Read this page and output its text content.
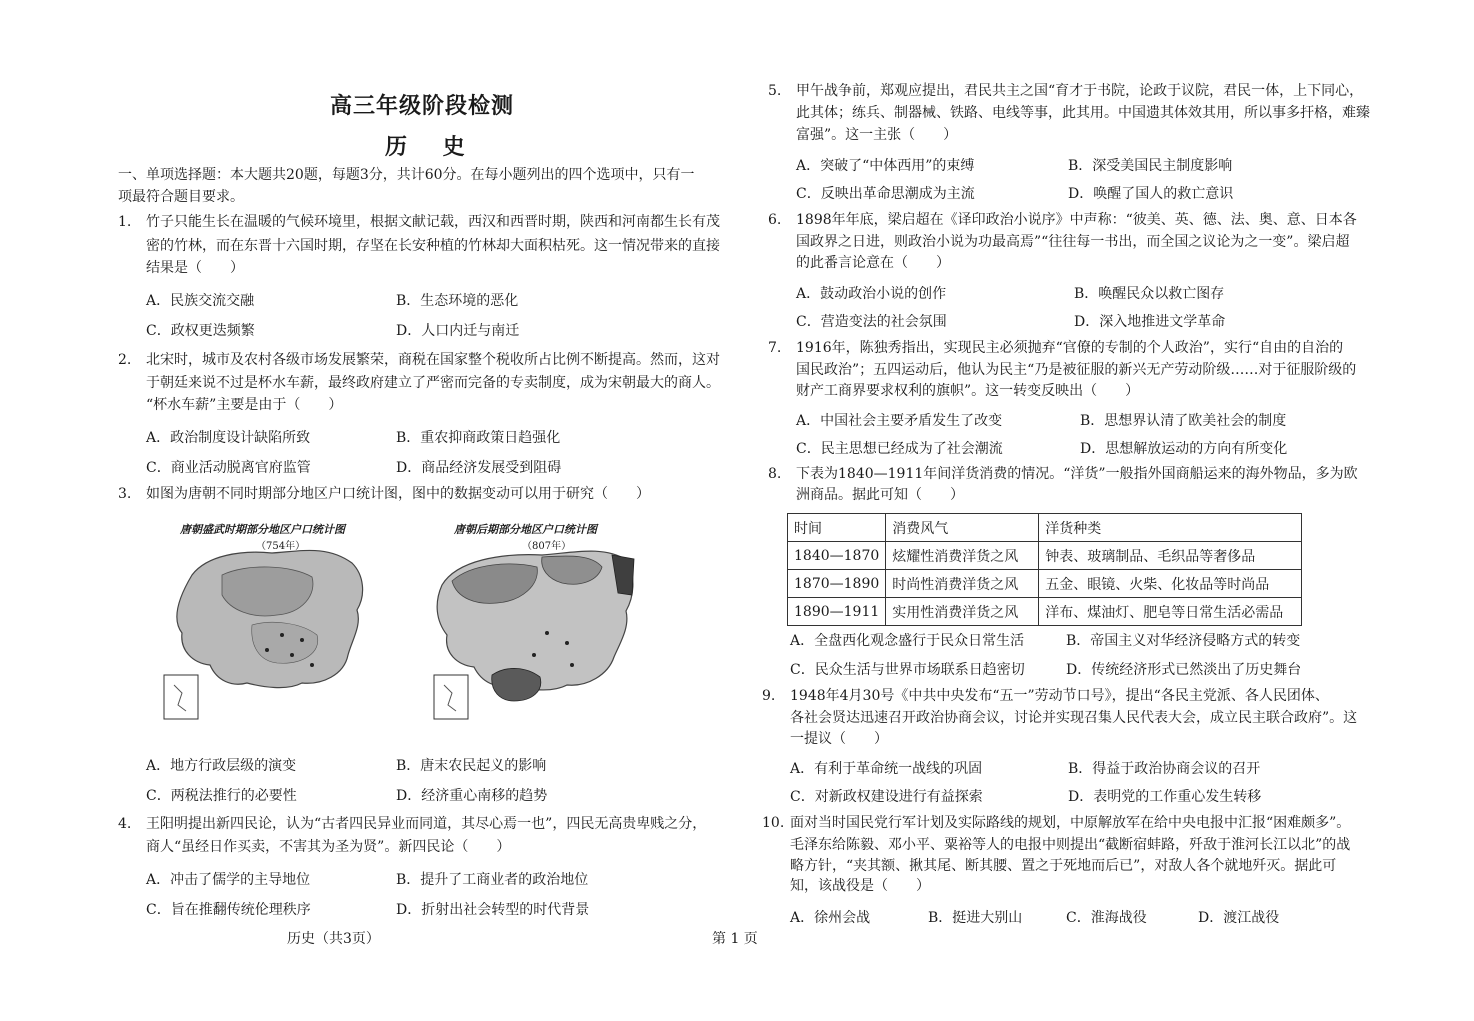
高三年级阶段检测
历 史
一、单项选择题：本大题共20题，每题3分，共计60分。在每小题列出的四个选项中，只有一
项最符合题目要求。
1. 竹子只能生长在温暖的气候环境里，根据文献记载，西汉和西晋时期，陕西和河南都生长有茂
密的竹林，而在东晋十六国时期，存坚在长安种植的竹林却大面积枯死。这一情况带来的直接
结果是（　　）
A．民族交流交融	B．生态环境的恶化
C．政权更迭频繁	D．人口内迁与南迁
2. 北宋时，城市及农村各级市场发展繁荣，商税在国家整个税收所占比例不断提高。然而，这对
于朝廷来说不过是杯水车薪，最终政府建立了严密而完备的专卖制度，成为宋朝最大的商人。
“杯水车薪”主要是由于（　　）
A．政治制度设计缺陷所致	B．重农抑商政策日趋强化
C．商业活动脱离官府监管	D．商品经济发展受到阻碍
3. 如图为唐朝不同时期部分地区户口统计图，图中的数据变动可以用于研究（　　）
唐朝盛武时期部分地区户口统计图
（754年）
唐朝后期部分地区户口统计图
（807年）
A．地方行政层级的演变	B．唐末农民起义的影响
C．两税法推行的必要性	D．经济重心南移的趋势
4. 王阳明提出新四民论，认为“古者四民异业而同道，其尽心焉一也”，四民无高贵卑贱之分，
商人“虽经日作买卖，不害其为圣为贤”。新四民论（　　）
A．冲击了儒学的主导地位	B．提升了工商业者的政治地位
C．旨在推翻传统伦理秩序	D．折射出社会转型的时代背景
历史（共3页）	第 1 页
5. 甲午战争前，郑观应提出，君民共主之国“育才于书院，论政于议院，君民一体，上下同心，
此其体；练兵、制器械、铁路、电线等事，此其用。中国遗其体效其用，所以事多扞格，难臻
富强”。这一主张（　　）
A．突破了“中体西用”的束缚	B．深受美国民主制度影响
C．反映出革命思潮成为主流	D．唤醒了国人的救亡意识
6. 1898年年底，梁启超在《译印政治小说序》中声称：“彼美、英、德、法、奥、意、日本各
国政界之日进，则政治小说为功最高焉”“往往每一书出，而全国之议论为之一变”。梁启超
的此番言论意在（　　）
A．鼓动政治小说的创作	B．唤醒民众以救亡图存
C．营造变法的社会氛围	D．深入地推进文学革命
7. 1916年，陈独秀指出，实现民主必须抛弃“官僚的专制的个人政治”，实行“自由的自治的
国民政治”；五四运动后，他认为民主“乃是被征服的新兴无产劳动阶级……对于征服阶级的
财产工商界要求权利的旗帜”。这一转变反映出（　　）
A．中国社会主要矛盾发生了改变	B．思想界认清了欧美社会的制度
C．民主思想已经成为了社会潮流	D．思想解放运动的方向有所变化
8. 下表为1840—1911年间洋货消费的情况。“洋货”一般指外国商船运来的海外物品，多为欧
洲商品。据此可知（　　）
时间	消费风气	洋货种类
1840—1870	炫耀性消费洋货之风	钟表、玻璃制品、毛织品等奢侈品
1870—1890	时尚性消费洋货之风	五金、眼镜、火柴、化妆品等时尚品
1890—1911	实用性消费洋货之风	洋布、煤油灯、肥皂等日常生活必需品
A．全盘西化观念盛行于民众日常生活	B．帝国主义对华经济侵略方式的转变
C．民众生活与世界市场联系日趋密切	D．传统经济形式已然淡出了历史舞台
9. 1948年4月30号《中共中央发布“五一”劳动节口号》，提出“各民主党派、各人民团体、
各社会贤达迅速召开政治协商会议，讨论并实现召集人民代表大会，成立民主联合政府”。这
一提议（　　）
A．有利于革命统一战线的巩固	B．得益于政治协商会议的召开
C．对新政权建设进行有益探索	D．表明党的工作重心发生转移
10. 面对当时国民党行军计划及实际路线的规划，中原解放军在给中央电报中汇报“困难颇多”。
毛泽东给陈毅、邓小平、粟裕等人的电报中则提出“截断宿蚌路，歼敌于淮河长江以北”的战
略方针，“夹其额、揪其尾、断其腰、置之于死地而后已”，对敌人各个就地歼灭。据此可
知，该战役是（　　）
A．徐州会战	B．挺进大别山	C．淮海战役	D．渡江战役
